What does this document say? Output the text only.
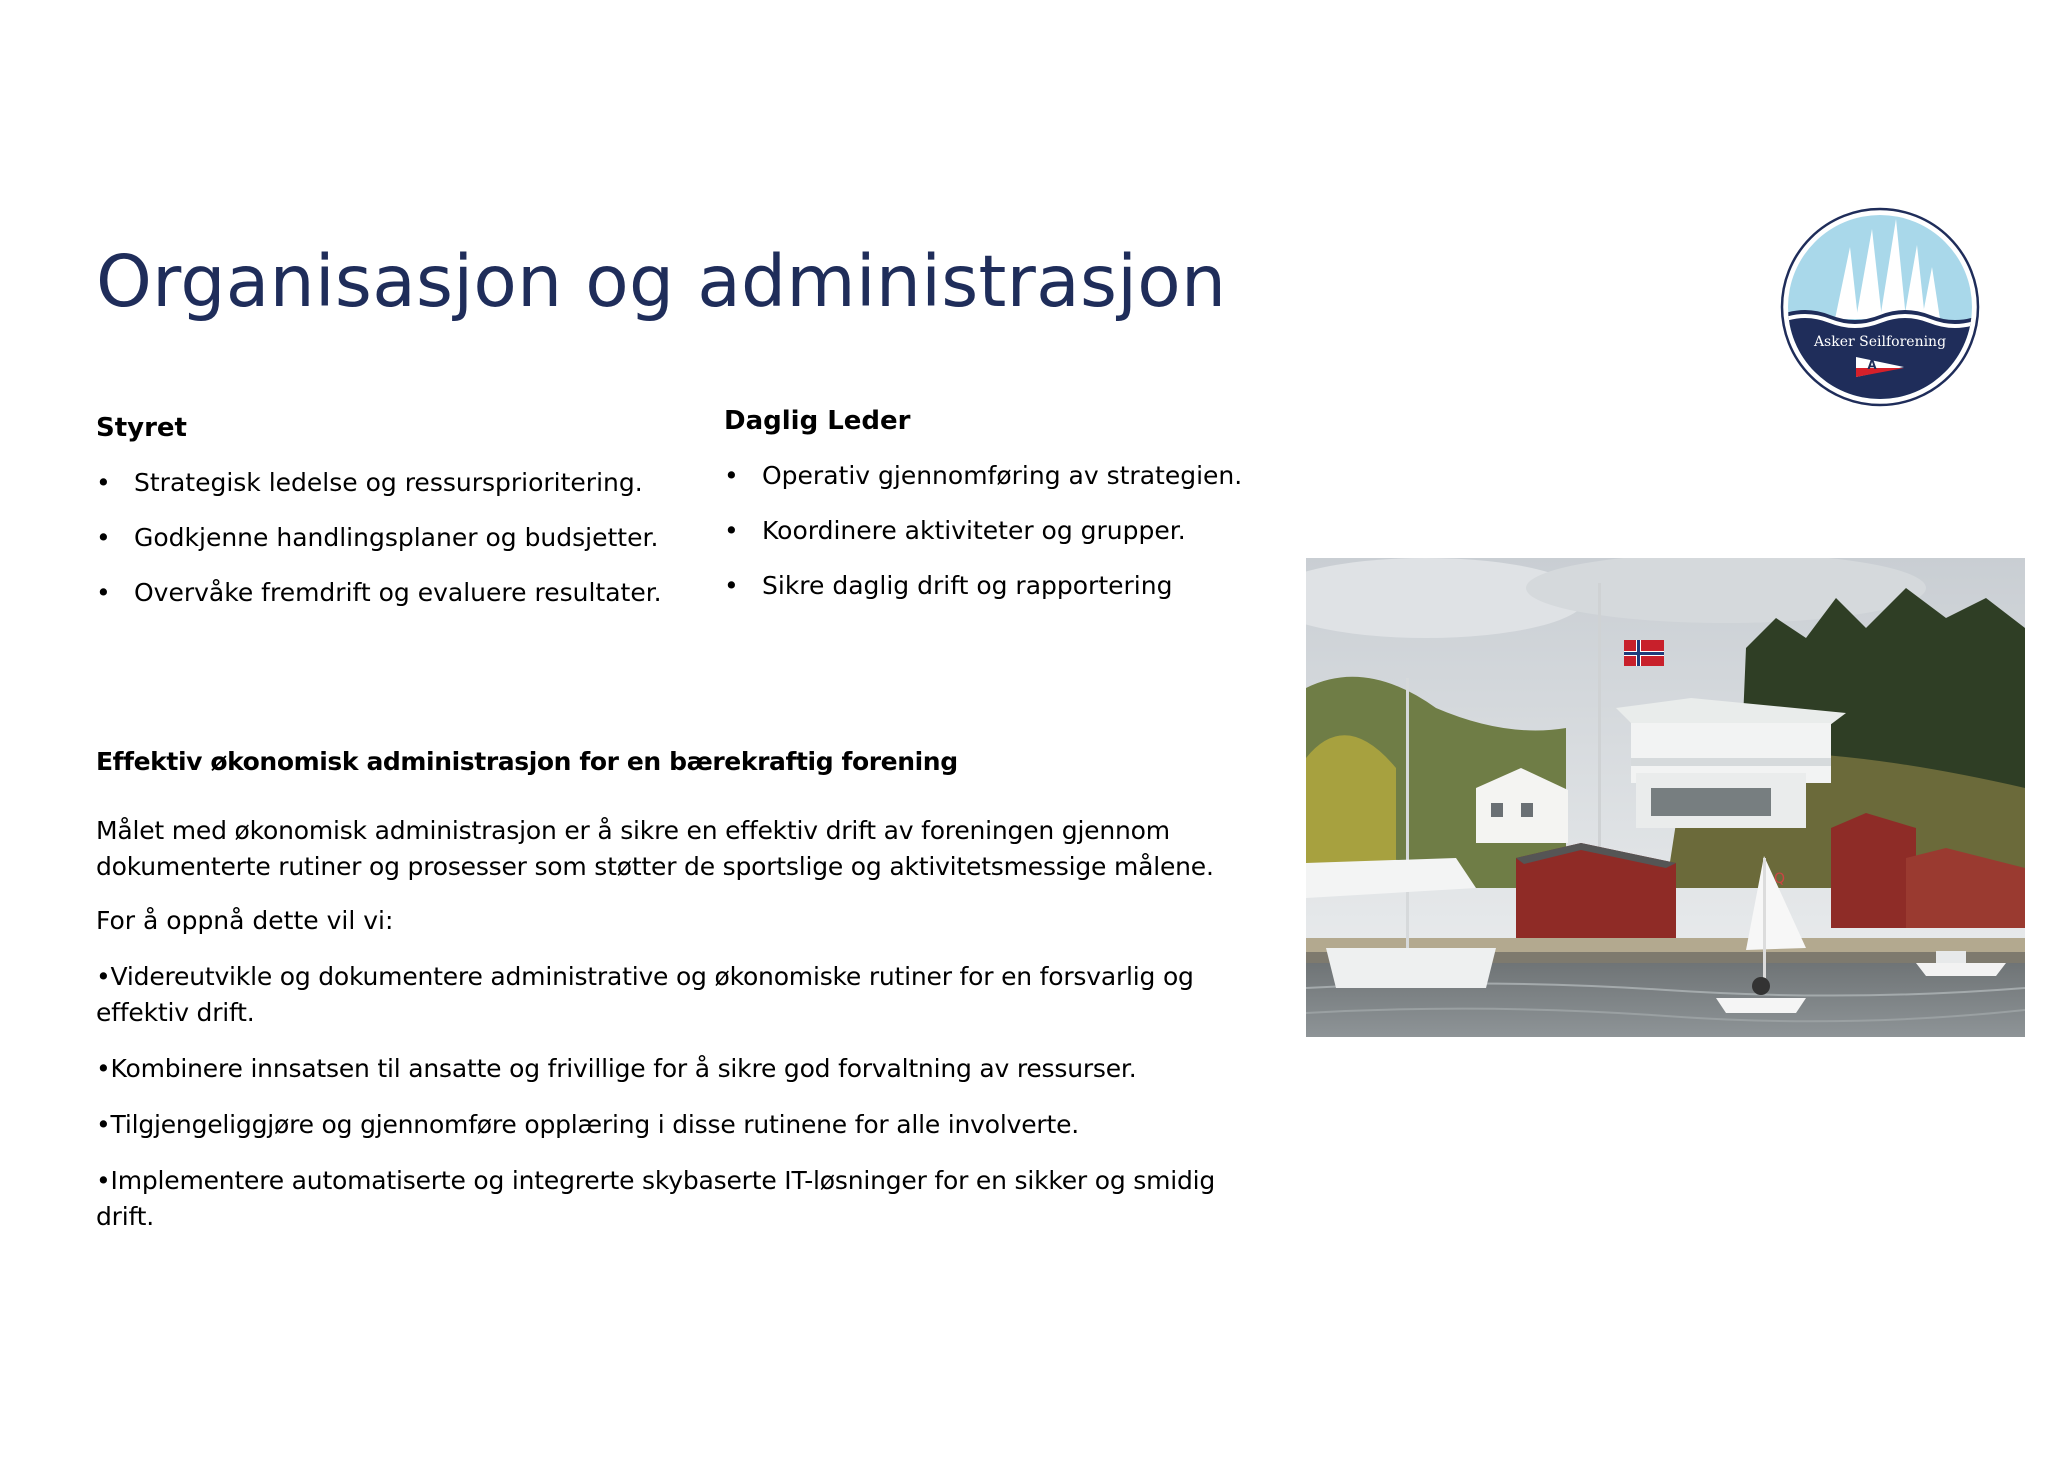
Organisasjon og administrasjon
Asker Seilforening
A
Styret
• Strategisk ledelse og ressursprioritering.
• Godkjenne handlingsplaner og budsjetter.
• Overvåke fremdrift og evaluere resultater.
Daglig Leder
• Operativ gjennomføring av strategien.
• Koordinere aktiviteter og grupper.
• Sikre daglig drift og rapportering
Effektiv økonomisk administrasjon for en bærekraftig forening

Målet med økonomisk administrasjon er å sikre en effektiv drift av foreningen gjennom dokumenterte rutiner og prosesser som støtter de sportslige og aktivitetsmessige målene.

For å oppnå dette vil vi:

•Videreutvikle og dokumentere administrative og økonomiske rutiner for en forsvarlig og effektiv drift.

•Kombinere innsatsen til ansatte og frivillige for å sikre god forvaltning av ressurser.

•Tilgjengeliggjøre og gjennomføre opplæring i disse rutinene for alle involverte.

•Implementere automatiserte og integrerte skybaserte IT-løsninger for en sikker og smidig drift.

Q
